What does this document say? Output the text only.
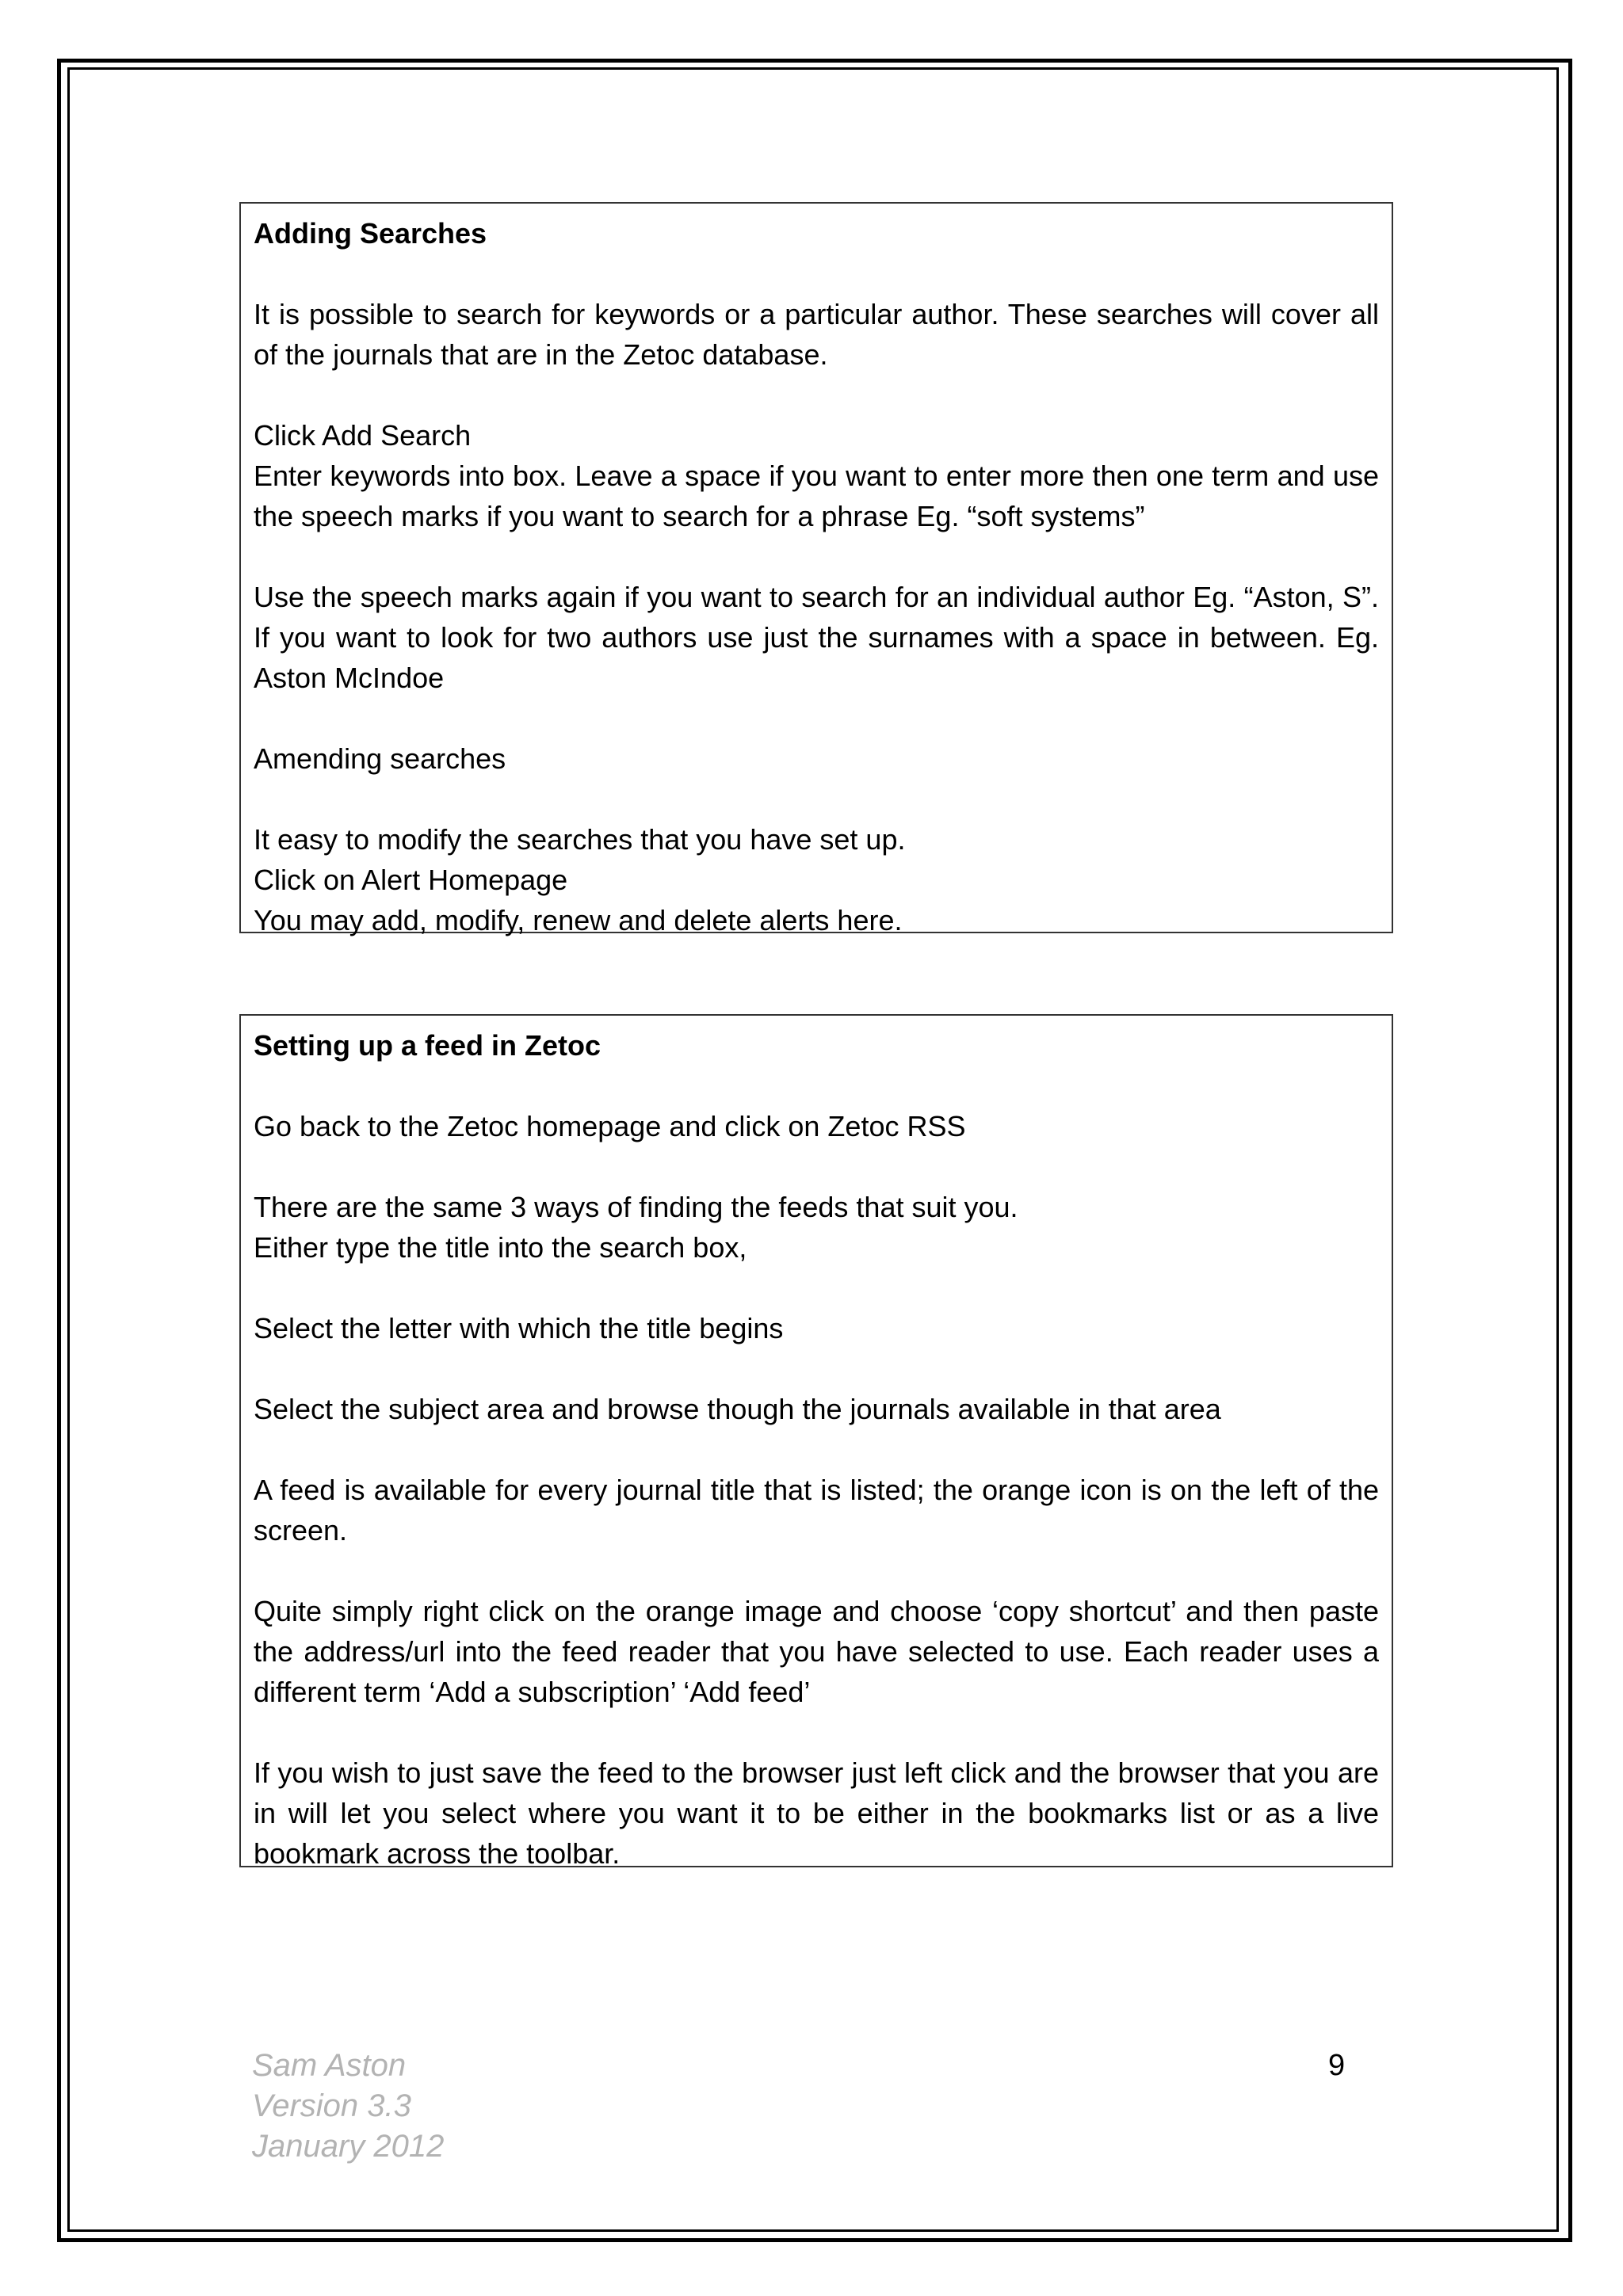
Adding Searches

It is possible to search for keywords or a particular author. These searches will cover all of the journals that are in the Zetoc database.

Click Add Search

Enter keywords into box. Leave a space if you want to enter more then one term and use the speech marks if you want to search for a phrase Eg. “soft systems”

Use the speech marks again if you want to search for an individual author Eg. “Aston, S”. If you want to look for two authors use just the surnames with a space in between. Eg. Aston McIndoe

Amending searches

It easy to modify the searches that you have set up.

Click on Alert Homepage

You may add, modify, renew and delete alerts here.

Setting up a feed in Zetoc

Go back to the Zetoc homepage and click on Zetoc RSS

There are the same 3 ways of finding the feeds that suit you.

Either type the title into the search box,

Select the letter with which the title begins

Select the subject area and browse though the journals available in that area

A feed is available for every journal title that is listed; the orange icon is on the left of the screen.

Quite simply right click on the orange image and choose ‘copy shortcut’ and then paste the address/url into the feed reader that you have selected to use. Each reader uses a different term ‘Add a subscription’ ‘Add feed’

If you wish to just save the feed to the browser just left click and the browser that you are in will let you select where you want it to be either in the bookmarks list or as a live bookmark across the toolbar.

Sam Aston
Version 3.3
January 2012
9
